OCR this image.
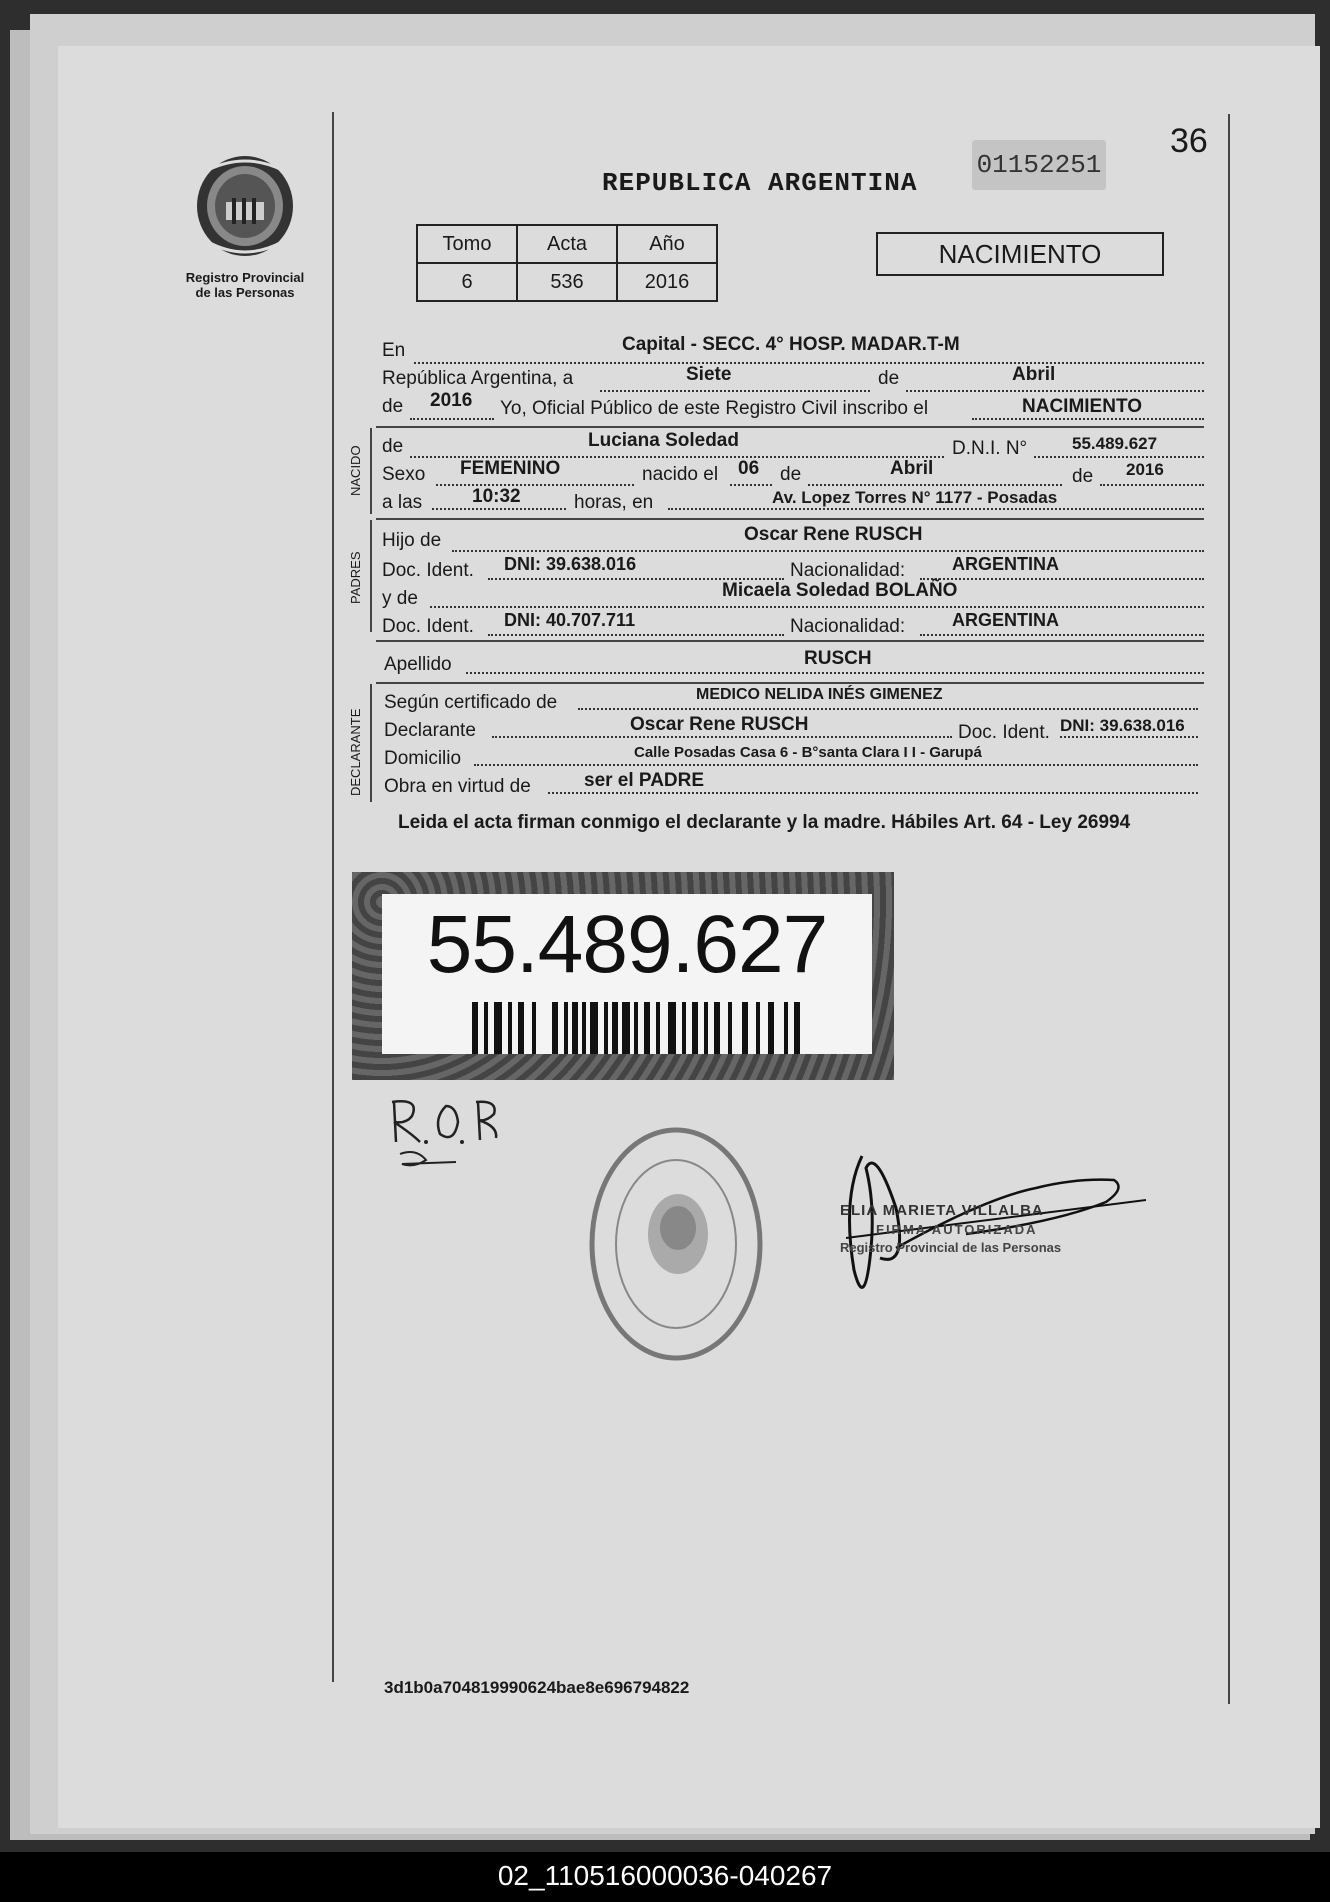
Registro Provincial
de las Personas
36
REPUBLICA ARGENTINA
01152251
Tomo	Acta	Año
6	536	2016
NACIMIENTO
En	Capital - SECC. 4° HOSP. MADAR.T-M
República Argentina, a	Siete	de	Abril
de 2016 Yo, Oficial Público de este Registro Civil inscribo el	NACIMIENTO
NACIDO de	Luciana Soledad	D.N.I. N°	55.489.627
Sexo FEMENINO	nacido el 06 de	Abril	de 2016
a las	10:32	horas, en	Av. Lopez Torres N° 1177 - Posadas
PADRES
Hijo de	Oscar Rene RUSCH
Doc. Ident. DNI: 39.638.016	Nacionalidad:	ARGENTINA
y de	Micaela Soledad BOLAÑO
Doc. Ident. DNI: 40.707.711	Nacionalidad:	ARGENTINA
Apellido	RUSCH
DECLARANTE
Según certificado de	MEDICO NELIDA INÉS GIMENEZ
Declarante	Oscar Rene RUSCH	Doc. Ident. DNI: 39.638.016
Domicilio	Calle Posadas Casa 6 - B°santa Clara I I - Garupá
Obra en virtud de	ser el PADRE
Leida el acta firman conmigo el declarante y la madre. Hábiles Art. 64 - Ley 26994
55.489.627
ELIA MARIETA VILLALBA
FIRMA AUTORIZADA
Registro Provincial de las Personas
3d1b0a704819990624bae8e696794822
02_110516000036-040267
